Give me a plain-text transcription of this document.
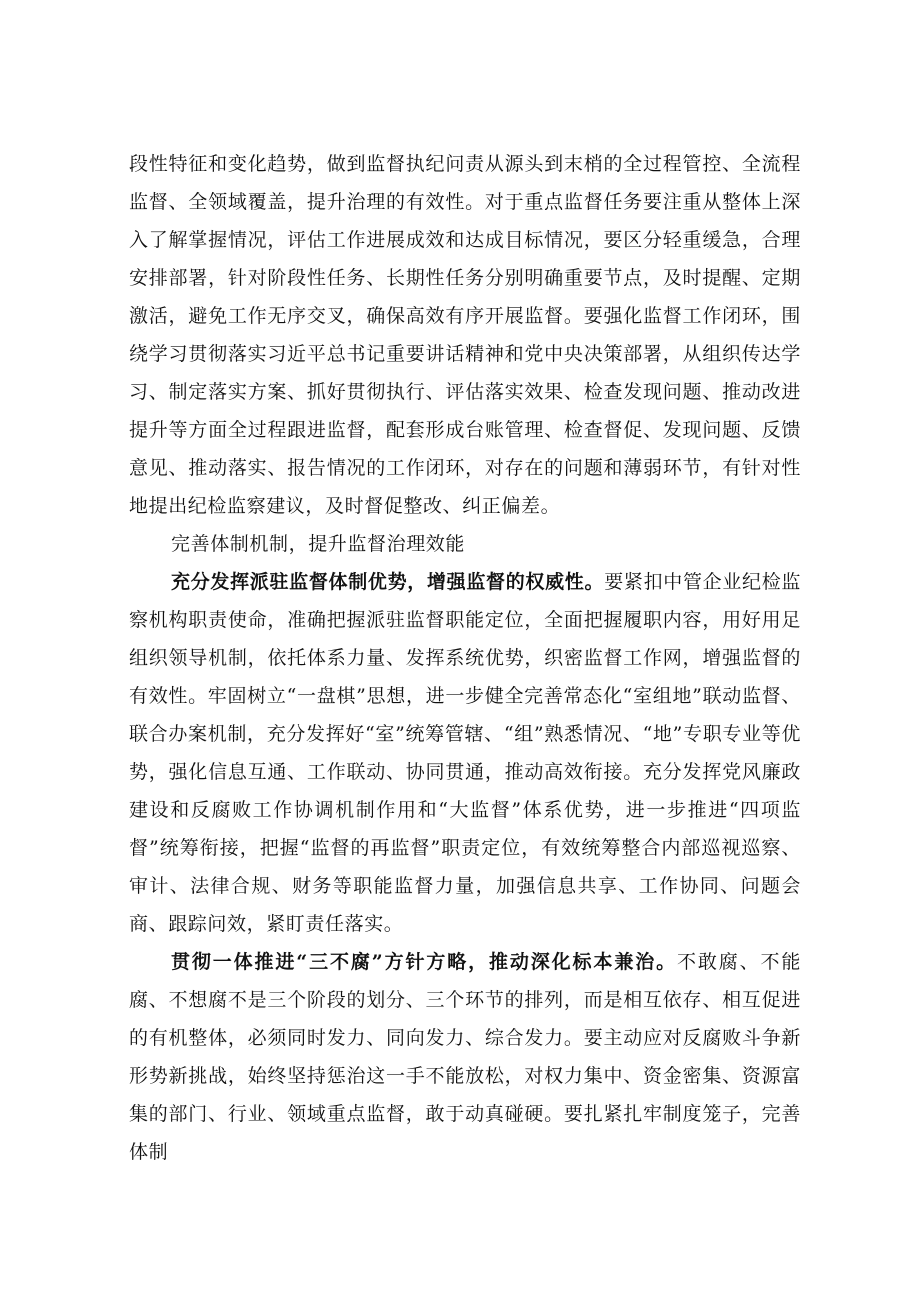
段性特征和变化趋势，做到监督执纪问责从源头到末梢的全过程管控、全流程监督、全领域覆盖，提升治理的有效性。对于重点监督任务要注重从整体上深入了解掌握情况，评估工作进展成效和达成目标情况，要区分轻重缓急，合理安排部署，针对阶段性任务、长期性任务分别明确重要节点，及时提醒、定期激活，避免工作无序交叉，确保高效有序开展监督。要强化监督工作闭环，围绕学习贯彻落实习近平总书记重要讲话精神和党中央决策部署，从组织传达学习、制定落实方案、抓好贯彻执行、评估落实效果、检查发现问题、推动改进提升等方面全过程跟进监督，配套形成台账管理、检查督促、发现问题、反馈意见、推动落实、报告情况的工作闭环，对存在的问题和薄弱环节，有针对性地提出纪检监察建议，及时督促整改、纠正偏差。

完善体制机制，提升监督治理效能

充分发挥派驻监督体制优势，增强监督的权威性。要紧扣中管企业纪检监察机构职责使命，准确把握派驻监督职能定位，全面把握履职内容，用好用足组织领导机制，依托体系力量、发挥系统优势，织密监督工作网，增强监督的有效性。牢固树立“一盘棋”思想，进一步健全完善常态化“室组地”联动监督、联合办案机制，充分发挥好“室”统筹管辖、“组”熟悉情况、“地”专职专业等优势，强化信息互通、工作联动、协同贯通，推动高效衔接。充分发挥党风廉政建设和反腐败工作协调机制作用和“大监督”体系优势，进一步推进“四项监督”统筹衔接，把握“监督的再监督”职责定位，有效统筹整合内部巡视巡察、审计、法律合规、财务等职能监督力量，加强信息共享、工作协同、问题会商、跟踪问效，紧盯责任落实。

贯彻一体推进“三不腐”方针方略，推动深化标本兼治。不敢腐、不能腐、不想腐不是三个阶段的划分、三个环节的排列，而是相互依存、相互促进的有机整体，必须同时发力、同向发力、综合发力。要主动应对反腐败斗争新形势新挑战，始终坚持惩治这一手不能放松，对权力集中、资金密集、资源富集的部门、行业、领域重点监督，敢于动真碰硬。要扎紧扎牢制度笼子，完善体制
